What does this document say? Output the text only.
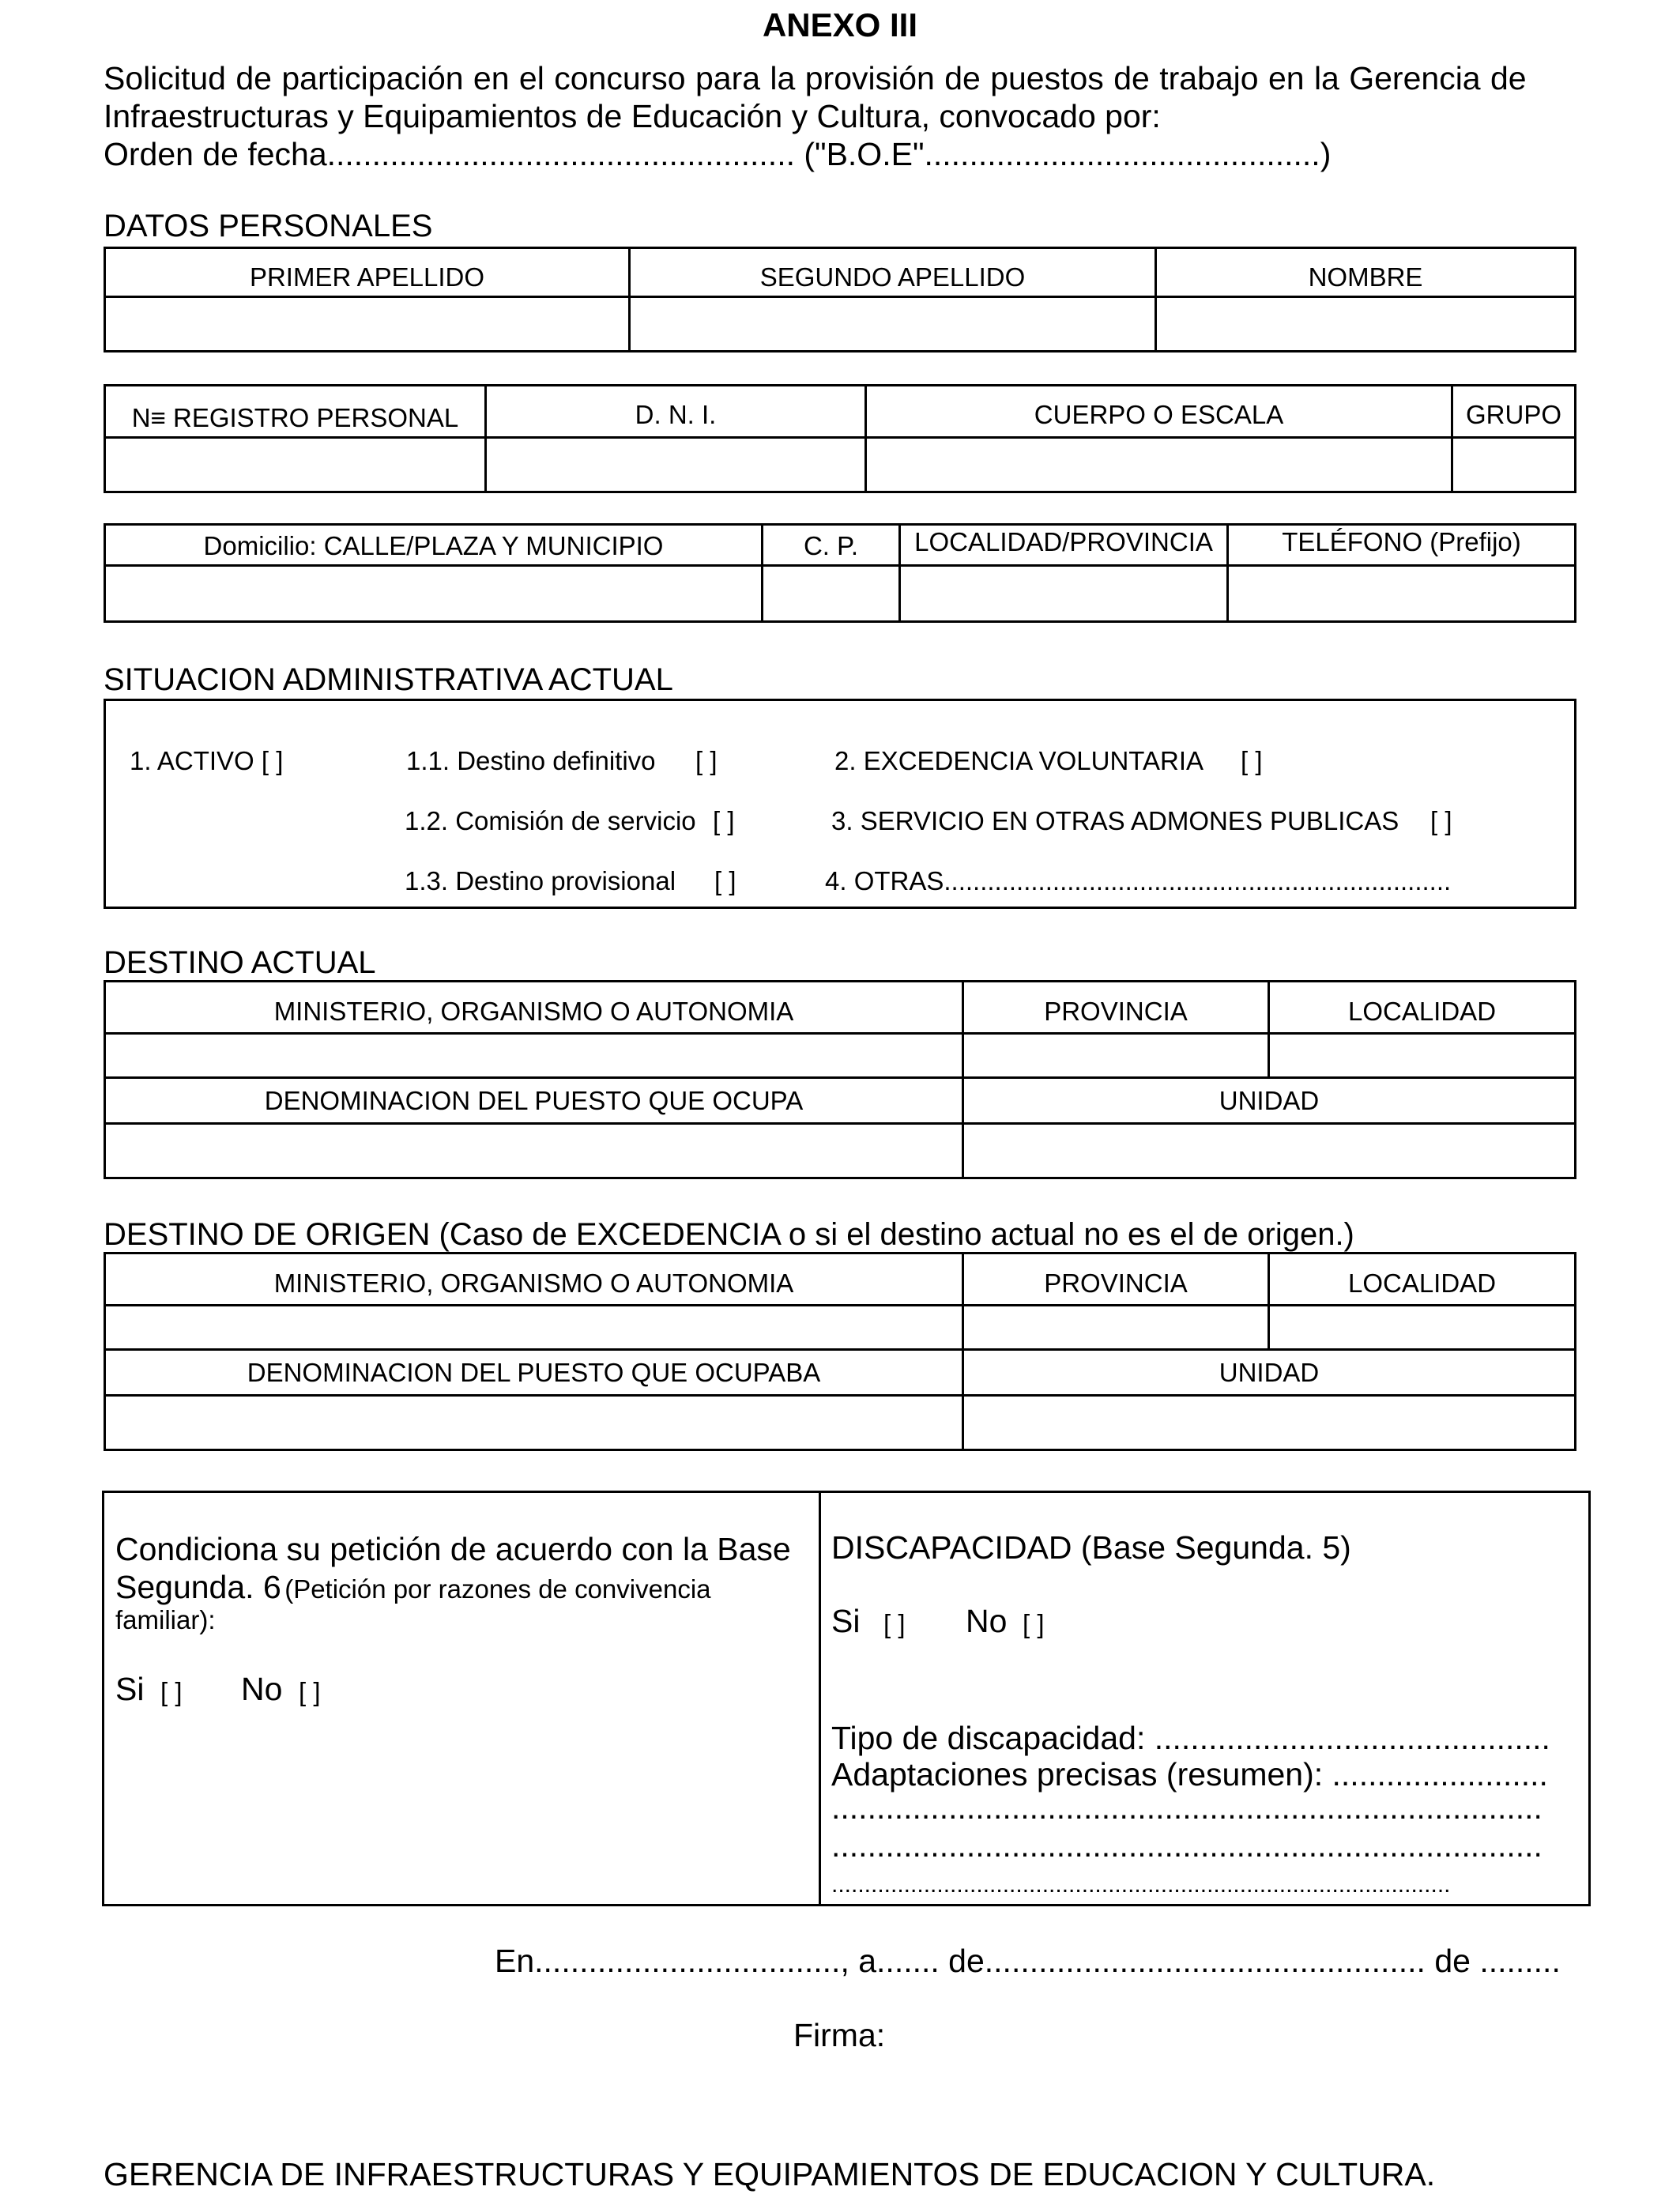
ANEXO III
Solicitud de participación en el concurso para la provisión de puestos de trabajo en la Gerencia de
Infraestructuras y Equipamientos de Educación y Cultura, convocado por:
Orden de fecha.................................................... ("B.O.E"............................................)
DATOS PERSONALES
PRIMER APELLIDO	SEGUNDO APELLIDO	NOMBRE
N≡ REGISTRO PERSONAL	D. N. I.	CUERPO O ESCALA	GRUPO
Domicilio: CALLE/PLAZA Y MUNICIPIO	C. P.	LOCALIDAD/PROVINCIA	TELÉFONO (Prefijo)
SITUACION ADMINISTRATIVA ACTUAL
1. ACTIVO [ ]	1.1. Destino definitivo [ ]	2. EXCEDENCIA VOLUNTARIA [ ]
1.2. Comisión de servicio [ ]	3. SERVICIO EN OTRAS ADMONES PUBLICAS [ ]
1.3. Destino provisional [ ]	4. OTRAS......................................................................
DESTINO ACTUAL
MINISTERIO, ORGANISMO O AUTONOMIA	PROVINCIA	LOCALIDAD
DENOMINACION DEL PUESTO QUE OCUPA	UNIDAD
DESTINO DE ORIGEN (Caso de EXCEDENCIA o si el destino actual no es el de origen.)
MINISTERIO, ORGANISMO O AUTONOMIA	PROVINCIA	LOCALIDAD
DENOMINACION DEL PUESTO QUE OCUPABA	UNIDAD
Condiciona su petición de acuerdo con la Base
Segunda. 6 (Petición por razones de convivencia
familiar):
Si [ ] No [ ]
DISCAPACIDAD (Base Segunda. 5)
Si [ ] No [ ]
Tipo de discapacidad: ............................................
Adaptaciones precisas (resumen): ........................
...............................................................................
...............................................................................
..............................................................................................
En.................................., a....... de................................................. de .........
Firma:
GERENCIA DE INFRAESTRUCTURAS Y EQUIPAMIENTOS DE EDUCACION Y CULTURA.
